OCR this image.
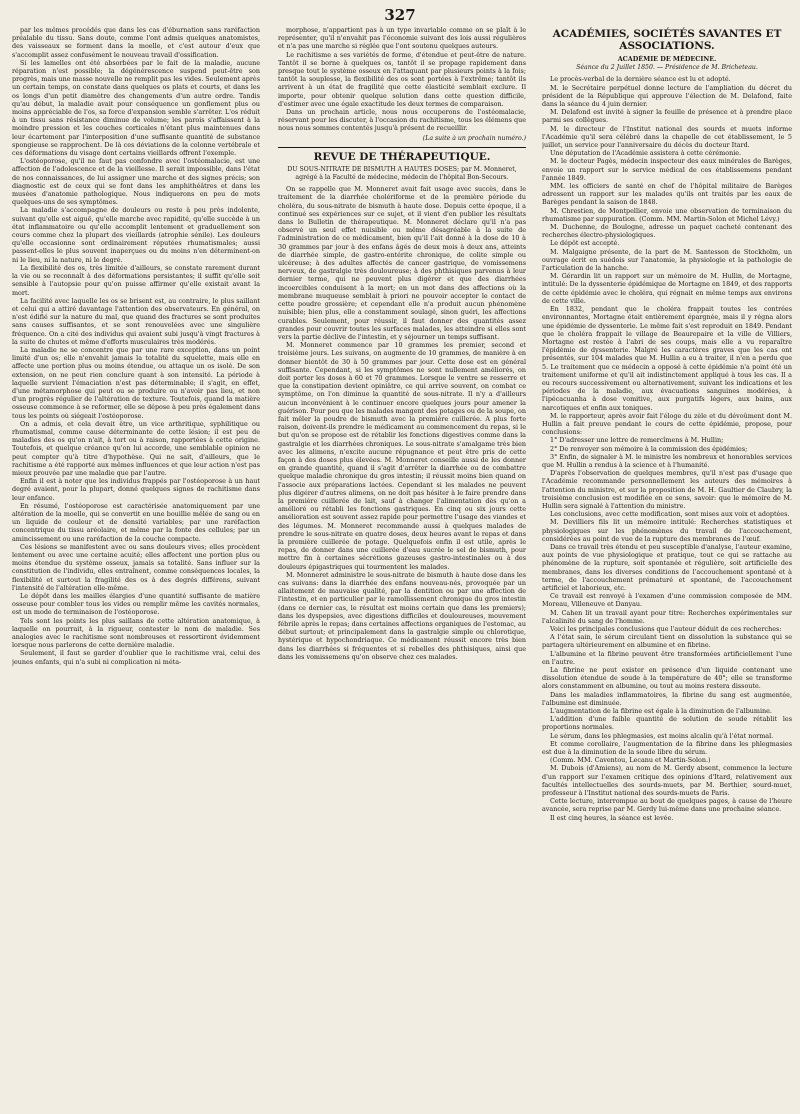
327

par les mêmes procédés que dans les cas d'éburnation sans raréfaction préalable du tissu. Sans doute, comme l'ont admis quelques anatomistes, des vaisseaux se forment dans la moelle, et c'est autour d'eux que s'accomplit assez confusément le nouveau travail d'ossification.

Si les lamelles ont été absorbées par le fait de la maladie, aucune réparation n'est possible; la dégénérescence suspend peut-être son progrès, mais une masse nouvelle ne remplit pas les vides. Seulement après un certain temps, on constate dans quelques os plats et courts, et dans les os longs d'un petit diamètre des changements d'un autre ordre. Tandis qu'au début, la maladie avait pour conséquence un gonflement plus ou moins appréciable de l'os, sa force d'expansion semble s'arrêter. L'os réduit à un tissu sans résistance diminue de volume; les parois s'affaissent à la moindre pression et les couches corticales n'étant plus maintenues dans leur écartement par l'interposition d'une suffisante quantité de substance spongieuse se rapprochent. De là ces déviations de la colonne vertébrale et ces déformations du visage dont certains vieillards offrent l'exemple.

L'ostéoporose, qu'il ne faut pas confondre avec l'ostéomalacie, est une affection de l'adolescence et de la vieillesse. Il serait impossible, dans l'état de nos connaissances, de lui assigner une marche et des signes précis; son diagnostic est de ceux qui se font dans les amphithéâtres et dans les musées d'anatomie pathologique. Nous indiquerons en peu de mots quelques-uns de ses symptômes.

La maladie s'accompagne de douleurs ou reste à peu près indolente, suivant qu'elle est aiguë, qu'elle marche avec rapidité, qu'elle succède à un état inflammatoire ou qu'elle accomplit lentement et graduellement son cours comme chez la plupart des vieillards (atrophie sénile). Les douleurs qu'elle occasionne sont ordinairement réputées rhumatismales; aussi passent-elles le plus souvent inaperçues ou du moins n'en déterminent-on ni le lieu, ni la nature, ni le degré.

La flexibilité des os, très limitée d'ailleurs, se constate rarement durant la vie ou se reconnaît à des déformations persistantes; il suffit qu'elle soit sensible à l'autopsie pour qu'on puisse affirmer qu'elle existait avant la mort.

La facilité avec laquelle les os se brisent est, au contraire, le plus saillant et celui qui a attiré davantage l'attention des observateurs. En général, on n'est édifié sur la nature du mal, que quand des fractures se sont produites sans causes suffisantes, et se sont renouvelées avec une singulière fréquence. On a cité des individus qui avaient subi jusqu'à vingt fractures à la suite de chutes et même d'efforts musculaires très modérés.

La maladie ne se concentre que par une rare exception, dans un point limité d'un os; elle n'envahit jamais la totalité du squelette, mais elle en affecte une portion plus ou moins étendue, ou attaque un os isolé. De son extension, on ne peut rien conclure quant à son intensité. La période à laquelle survient l'émaciation n'est pas déterminable; il s'agit, en effet, d'une métamorphose qui peut ou se produire ou n'avoir pas lieu, et non d'un progrès régulier de l'altération de texture. Toutefois, quand la matière osseuse commence à se reformer, elle se dépose à peu près également dans tous les points où siégeait l'ostéoporose.

On a admis, et cela devait être, un vice arthritique, syphilitique ou rhumatismal, comme cause déterminante de cette lésion; il est peu de maladies des os qu'on n'ait, à tort ou à raison, rapportées à cette origine. Toutefois, et quelque créance qu'on lui accorde, une semblable opinion ne peut compter qu'à titre d'hypothèse. Qui ne sait, d'ailleurs, que le rachitisme a été rapporté aux mêmes influences et que leur action n'est pas mieux prouvée par une maladie que par l'autre.

Enfin il est à noter que les individus frappés par l'ostéoporose à un haut degré avaient, pour la plupart, donné quelques signes de rachitisme dans leur enfance.

En résumé, l'ostéoporose est caractérisée anatomiquement par une altération de la moelle, qui se convertit en une bouillie mêlée de sang ou en un liquide de couleur et de densité variables; par une raréfaction concentrique du tissu aréolaire, et même par la fonte des cellules; par un amincissement ou une raréfaction de la couche compacte.

Ces lésions se manifestent avec ou sans douleurs vives; elles procèdent lentement ou avec une certaine acuité; elles affectent une portion plus ou moins étendue du système osseux, jamais sa totalité. Sans influer sur la constitution de l'individu, elles entraînent, comme conséquences locales, la flexibilité et surtout la fragilité des os à des degrés différens, suivant l'intensité de l'altération elle-même.

Le dépôt dans les mailles élargies d'une quantité suffisante de matière osseuse pour combler tous les vides ou remplir même les cavités normales, est un mode de terminaison de l'ostéoporose.

Tels sont les points les plus saillans de cette altération anatomique, à laquelle on pourrait, à la rigueur, contester le nom de maladie. Ses analogies avec le rachitisme sont nombreuses et ressortiront évidemment lorsque nous parlerons de cette dernière maladie.

Seulement, il faut se garder d'oublier que le rachitisme vrai, celui des jeunes enfants, qui n'a subi ni complication ni méta-

morphose, n'appartient pas à un type invariable comme on se plaît à le représenter, qu'il n'envahit pas l'économie suivant des lois aussi régulières et n'a pas une marche si réglée que l'ont soutenu quelques auteurs.

Le rachitisme a ses variétés de forme, d'étendue et peut-être de nature. Tantôt il se borne à quelques os, tantôt il se propage rapidement dans presque tout le système osseux en l'attaquant par plusieurs points à la fois; tantôt la souplesse, la flexibilité des os sont portées à l'extrême; tantôt ils arrivent à un état de fragilité que cette élasticité semblait exclure. Il importe, pour obtenir quelque solution dans cette question difficile, d'estimer avec une égale exactitude les deux termes de comparaison.

Dans un prochain article, nous nous occuperons de l'ostéomalacie, réservant pour les discuter, à l'occasion du rachitisme, tous les élémens que nous nous sommes contentés jusqu'à présent de recueillir.

(La suite à un prochain numéro.)
REVUE DE THÉRAPEUTIQUE.
DU SOUS-NITRATE DE BISMUTH A HAUTES DOSES; par M. Monneret, agrégé à la Faculté de médecine, médecin de l'hôpital Bon-Secours.

On se rappelle que M. Monneret avait fait usage avec succès, dans le traitement de la diarrhée cholériforme et de la première période du choléra, du sous-nitrate de bismuth à haute dose. Depuis cette époque, il a continué ses expériences sur ce sujet, et il vient d'en publier les résultats dans le Bulletin de thérapeutique. M. Monneret déclare qu'il n'a pas observé un seul effet nuisible ou même désagréable à la suite de l'administration de ce médicament, bien qu'il l'ait donné à la dose de 10 à 30 grammes par jour à des enfans âgés de deux mois à deux ans, atteints de diarrhée simple, de gastro-entérite chronique, de colite simple ou ulcéreuse; à des adultes affectés de cancer gastrique, de vomissemens nerveux, de gastralgie très douloureuse; à des phthisiques parvenus à leur dernier terme, qui ne peuvent plus digérer et que des diarrhées incoercibles conduisent à la mort; en un mot dans des affections où la membrane muqueuse semblait à priori ne pouvoir accepter le contact de cette poudre grossière; et cependant elle n'a produit aucun phénomène nuisible; bien plus, elle a constamment soulagé, sinon guéri, les affections curables. Seulement, pour réussir, il faut donner des quantités assez grandes pour couvrir toutes les surfaces malades, les atteindre si elles sont vers la partie déclive de l'intestin, et y séjourner un temps suffisant.

M. Monneret commence par 10 grammes les premier, second et troisième jours. Les suivans, on augmente de 10 grammes, de manière à en donner bientôt de 30 à 50 grammes par jour. Cette dose est en général suffisante. Cependant, si les symptômes ne sont nullement améliorés, on doit porter les doses à 60 et 70 grammes. Lorsque le ventre se resserre et que la constipation devient opiniâtre, ce qui arrive souvent, on combat ce symptôme, on l'on diminue la quantité de sous-nitrate. Il n'y a d'ailleurs aucun inconvénient à le continuer encore quelques jours pour amener la guérison. Pour peu que les malades mangent des potages ou de la soupe, on fait mêler la poudre de bismuth avec la première cuillerée. A plus forte raison, doivent-ils prendre le médicament au commencement du repas, si le but qu'on se propose est de rétablir les fonctions digestives comme dans la gastralgie et les diarrhées chroniques. Le sous-nitrate s'amalgame très bien avec les alimens, n'excite aucune répugnance et peut être pris de cette façon à des doses plus élevées. M. Monneret conseille aussi de les donner en grande quantité, quand il s'agit d'arrêter la diarrhée ou de combattre quelque maladie chronique du gros intestin; il réussit moins bien quand on l'associe aux préparations lactées. Cependant si les malades ne peuvent plus digérer d'autres alimens, on ne doit pas hésiter à le faire prendre dans la première cuillerée de lait, sauf à changer l'alimentation dès qu'on a amélioré ou rétabli les fonctions gastriques. En cinq ou six jours cette amélioration est souvent assez rapide pour permettre l'usage des viandes et des légumes. M. Monneret recommande aussi à quelques malades de prendre le sous-nitrate en quatre doses, deux heures avant le repas et dans la première cuillerée de potage. Quelquefois enfin il est utile, après le repas, de donner dans une cuillerée d'eau sucrée le sel de bismuth, pour mettre fin à certaines sécrétions gazeuses gastro-intestinales ou à des douleurs épigastriques qui tourmentent les malades.

M. Monneret administre le sous-nitrate de bismuth à haute dose dans les cas suivans: dans la diarrhée des enfans nouveau-nés, provoquée par un allaitement de mauvaise qualité, par la dentition ou par une affection de l'intestin, et en particulier par le ramollissement chronique du gros intestin (dans ce dernier cas, le résultat est moins certain que dans les premiers); dans les dyspepsies, avec digestions difficiles et douloureuses, mouvement fébrile après le repas; dans certaines affections organiques de l'estomac, au début surtout; et principalement dans la gastralgie simple ou chlorotique, hystérique et hypochondriaque. Ce médicament réussit encore très bien dans les diarrhées si fréquentes et si rebelles des phthisiques, ainsi que dans les vomissemens qu'on observe chez ces malades.

ACADÉMIES, SOCIÉTÉS SAVANTES ET ASSOCIATIONS.
ACADÉMIE DE MÉDECINE.
Séance du 2 Juillet 1850. — Présidence de M. Bricheteau.

Le procès-verbal de la dernière séance est lu et adopté.

M. le Secrétaire perpétuel donne lecture de l'ampliation du décret du président de la République qui approuve l'élection de M. Delafond, faite dans la séance du 4 juin dernier.

M. Delafond est invité à signer la feuille de présence et à prendre place parmi ses collègues.

M. le directeur de l'Institut national des sourds et muets informe l'Académie qu'il sera célébré dans la chapelle de cet établissement, le 5 juillet, un service pour l'anniversaire du décès du docteur Itard.

Une députation de l'Académie assistera à cette cérémonie.

M. le docteur Pagès, médecin inspecteur des eaux minérales de Barèges, envoie un rapport sur le service médical de ces établissemens pendant l'année 1849.

MM. les officiers de santé en chef de l'hôpital militaire de Barèges adressent un rapport sur les malades qu'ils ont traités par les eaux de Barèges pendant la saison de 1848.

M. Chrestien, de Montpellier, envoie une observation de terminaison du rhumatisme par suppuration. (Comm. MM. Martin-Solon et Michel Lévy.)

M. Duchenne, de Boulogne, adresse un paquet cacheté contenant des recherches électro-physiologiques.

Le dépôt est accepté.

M. Malgaigne présente, de la part de M. Santesson de Stockholm, un ouvrage écrit en suédois sur l'anatomie, la physiologie et la pathologie de l'articulation de la hanche.

M. Gérardin lit un rapport sur un mémoire de M. Hullin, de Mortagne, intitulé: De la dyssenterie épidémique de Mortagne en 1849, et des rapports de cette épidémie avec le choléra, qui régnait en même temps aux environs de cette ville.

En 1832, pendant que le choléra frappait toutes les contrées environnantes, Mortagne était entièrement épargnée, mais il y régna alors une épidémie de dyssenterie. Le même fait s'est reproduit en 1849. Pendant que le choléra frappait le village de Beaurepaire et la ville de Villiers, Mortagne est restée à l'abri de ses coups, mais elle a vu reparaître l'épidémie de dyssenterie. Malgré les caractères graves que les cas ont présentés, sur 104 malades que M. Hullin a eu à traiter, il n'en a perdu que 5. Le traitement que ce médecin a opposé à cette épidémie n'a point été un traitement uniforme et qu'il ait indistinctement appliqué à tous les cas. Il a eu recours successivement ou alternativement, suivant les indications et les périodes de la maladie, aux évacuations sanguines modérées, à l'ipécacuanha à dose vomitive, aux purgatifs légers, aux bains, aux narcotiques et enfin aux toniques.

M. le rapporteur, après avoir fait l'éloge du zèle et du dévoûment dont M. Hullin a fait preuve pendant le cours de cette épidémie, propose, pour conclusions:

1° D'adresser une lettre de remercîmens à M. Hullin;

2° De renvoyer son mémoire à la commission des épidémies;

3° Enfin, de signaler à M. le ministre les nombreux et honorables services que M. Hullin a rendus à la science et à l'humanité.

D'après l'observation de quelques membres, qu'il n'est pas d'usage que l'Académie recommande personnellement les auteurs des mémoires à l'attention du ministre, et sur la proposition de M. H. Gaultier de Claubry, la troisième conclusion est modifiée en ce sens, savoir: que le mémoire de M. Hullin sera signalé à l'attention du ministre.

Les conclusions, avec cette modification, sont mises aux voix et adoptées.

M. Devilliers fils lit un mémoire intitulé: Recherches statistiques et physiologiques sur les phénomènes du travail de l'accouchement, considérées au point de vue de la rupture des membranes de l'œuf.

Dans ce travail très étendu et peu susceptible d'analyse, l'auteur examine, aux points de vue physiologique et pratique, tout ce qui se rattache au phénomène de la rupture, soit spontanée et régulière, soit artificielle des membranes, dans les diverses conditions de l'accouchement spontané et à terme, de l'accouchement prématuré et spontané, de l'accouchement artificiel et laborieux, etc.

Ce travail est renvoyé à l'examen d'une commission composée de MM. Moreau, Villeneuve et Danyau.

M. Cahen lit un travail ayant pour titre: Recherches expérimentales sur l'alcalinité du sang de l'homme.

Voici les principales conclusions que l'auteur déduit de ces recherches:

A l'état sain, le sérum circulant tient en dissolution la substance qui se partagera ultérieurement en albumine et en fibrine.

L'albumine et la fibrine peuvent être transformées artificiellement l'une en l'autre.

La fibrine ne peut exister en présence d'un liquide contenant une dissolution étendue de soude à la température de 40°; elle se transforme alors constamment en albumine, ou tout au moins restera dissoute.

Dans les maladies inflammatoires, la fibrine du sang est augmentée, l'albumine est diminuée.

L'augmentation de la fibrine est égale à la diminution de l'albumine.

L'addition d'une faible quantité de solution de soude rétablit les proportions normales.

Le sérum, dans les phlegmasies, est moins alcalin qu'à l'état normal.

Et comme corollaire, l'augmentation de la fibrine dans les phlegmasies est due à la diminution de la soude libre du sérum.

(Comm. MM. Caventou, Lecanu et Martin-Solon.)

M. Dubois (d'Amiens), au nom de M. Gerdy absent, commence la lecture d'un rapport sur l'examen critique des opinions d'Itard, relativement aux facultés intellectuelles des sourds-muets, par M. Berthier, sourd-muet, professeur à l'Institut national des sourds-muets de Paris.

Cette lecture, interrompue au bout de quelques pages, à cause de l'heure avancée, sera reprise par M. Gerdy lui-même dans une prochaine séance.

Il est cinq heures, la séance est levée.
